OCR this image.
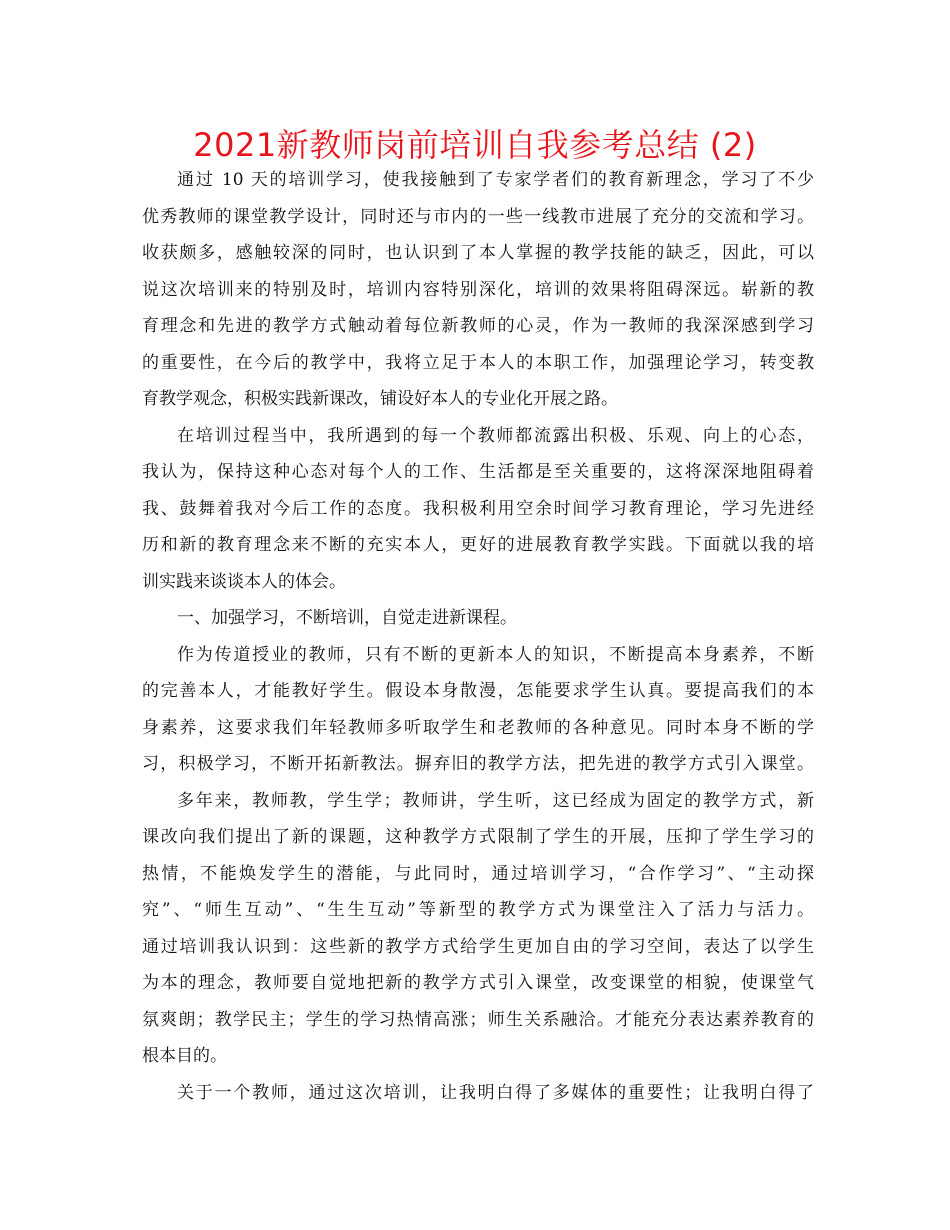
2021新教师岗前培训自我参考总结 (2)
通过 10 天的培训学习，使我接触到了专家学者们的教育新理念，学习了不少
优秀教师的课堂教学设计，同时还与市内的一些一线教市进展了充分的交流和学习。
收获颇多，感触较深的同时，也认识到了本人掌握的教学技能的缺乏，因此，可以
说这次培训来的特别及时，培训内容特别深化，培训的效果将阻碍深远。崭新的教
育理念和先进的教学方式触动着每位新教师的心灵，作为一教师的我深深感到学习
的重要性，在今后的教学中，我将立足于本人的本职工作，加强理论学习，转变教
育教学观念，积极实践新课改，铺设好本人的专业化开展之路。
在培训过程当中，我所遇到的每一个教师都流露出积极、乐观、向上的心态，
我认为，保持这种心态对每个人的工作、生活都是至关重要的，这将深深地阻碍着
我、鼓舞着我对今后工作的态度。我积极利用空余时间学习教育理论，学习先进经
历和新的教育理念来不断的充实本人，更好的进展教育教学实践。下面就以我的培
训实践来谈谈本人的体会。
一、加强学习，不断培训，自觉走进新课程。
作为传道授业的教师，只有不断的更新本人的知识，不断提高本身素养，不断
的完善本人，才能教好学生。假设本身散漫，怎能要求学生认真。要提高我们的本
身素养，这要求我们年轻教师多听取学生和老教师的各种意见。同时本身不断的学
习，积极学习，不断开拓新教法。摒弃旧的教学方法，把先进的教学方式引入课堂。
多年来，教师教，学生学；教师讲，学生听，这已经成为固定的教学方式，新
课改向我们提出了新的课题，这种教学方式限制了学生的开展，压抑了学生学习的
热情，不能焕发学生的潜能，与此同时，通过培训学习，“合作学习”、“主动探
究”、“师生互动”、“生生互动”等新型的教学方式为课堂注入了活力与活力。
通过培训我认识到：这些新的教学方式给学生更加自由的学习空间，表达了以学生
为本的理念，教师要自觉地把新的教学方式引入课堂，改变课堂的相貌，使课堂气
氛爽朗；教学民主；学生的学习热情高涨；师生关系融洽。才能充分表达素养教育的
根本目的。
关于一个教师，通过这次培训，让我明白得了多媒体的重要性；让我明白得了
